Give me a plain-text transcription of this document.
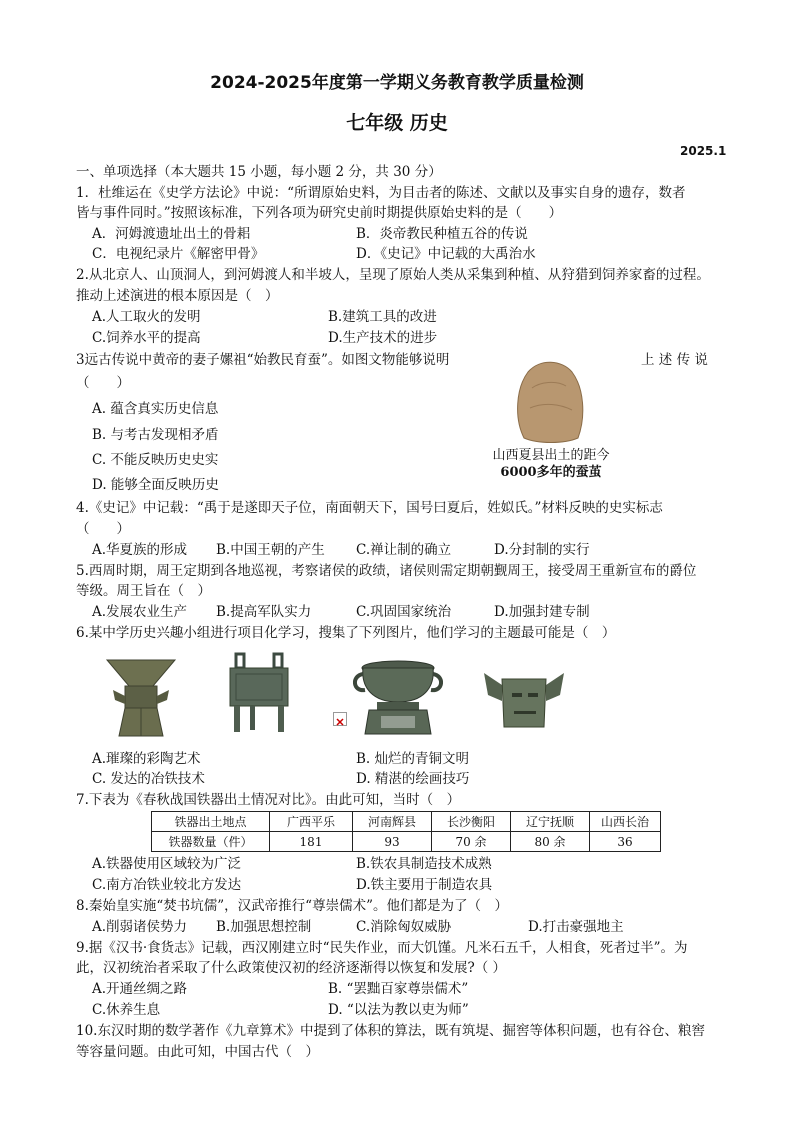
2024-2025年度第一学期义务教育教学质量检测
七年级 历史
2025.1
一、单项选择（本大题共 15 小题，每小题 2 分，共 30 分）
1．杜维运在《史学方法论》中说：“所谓原始史料，为目击者的陈述、文献以及事实自身的遗存，数者
皆与事件同时。”按照该标准，下列各项为研究史前时期提供原始史料的是（　　）
A．河姆渡遗址出土的骨耜	B．炎帝教民种植五谷的传说
C．电视纪录片《解密甲骨》	D．《史记》中记载的大禹治水
2.从北京人、山顶洞人，到河姆渡人和半坡人，呈现了原始人类从采集到种植、从狩猎到饲养家畜的过程。
推动上述演进的根本原因是（　）
A.人工取火的发明	B.建筑工具的改进
C.饲养水平的提高	D.生产技术的进步
3远古传说中黄帝的妻子嫘祖“始教民育蚕”。如图文物能够说明	上 述 传 说
（　　）
A. 蕴含真实历史信息
B. 与考古发现相矛盾
C. 不能反映历史史实
D. 能够全面反映历史
山西夏县出土的距今
6000多年的蚕茧
4.《史记》中记载：“禹于是遂即天子位，南面朝天下，国号曰夏后，姓姒氏。”材料反映的史实标志
（　　）
A.华夏族的形成 B.中国王朝的产生 C.禅让制的确立	D.分封制的实行
5.西周时期，周王定期到各地巡视，考察诸侯的政绩，诸侯则需定期朝觐周王，接受周王重新宣布的爵位
等级。周王旨在（　）
A.发展农业生产 B.提高军队实力	C.巩固国家统治	D.加强封建专制
6.某中学历史兴趣小组进行项目化学习，搜集了下列图片，他们学习的主题最可能是（　）
A.璀璨的彩陶艺术	B. 灿烂的青铜文明
C. 发达的冶铁技术	D. 精湛的绘画技巧
7.下表为《春秋战国铁器出土情况对比》。由此可知，当时（　）
铁器出土地点	广西平乐	河南辉县	长沙衡阳	辽宁抚顺	山西长治
铁器数量（件）	181	93	70 余	80 余	36
A.铁器使用区域较为广泛	B.铁农具制造技术成熟
C.南方冶铁业较北方发达	D.铁主要用于制造农具
8.秦始皇实施“焚书坑儒”，汉武帝推行“尊崇儒术”。他们都是为了（　）
A.削弱诸侯势力 B.加强思想控制	C.消除匈奴威胁	D.打击豪强地主
9.据《汉书·食货志》记载，西汉刚建立时“民失作业，而大饥馑。凡米石五千，人相食，死者过半”。为
此，汉初统治者采取了什么政策使汉初的经济逐渐得以恢复和发展?（ ）
A.开通丝绸之路	B. “罢黜百家尊崇儒术”
C.休养生息	D. “以法为教以吏为师”
10.东汉时期的数学著作《九章算术》中提到了体积的算法，既有筑堤、掘窖等体积问题，也有谷仓、粮窖
等容量问题。由此可知，中国古代（　）
